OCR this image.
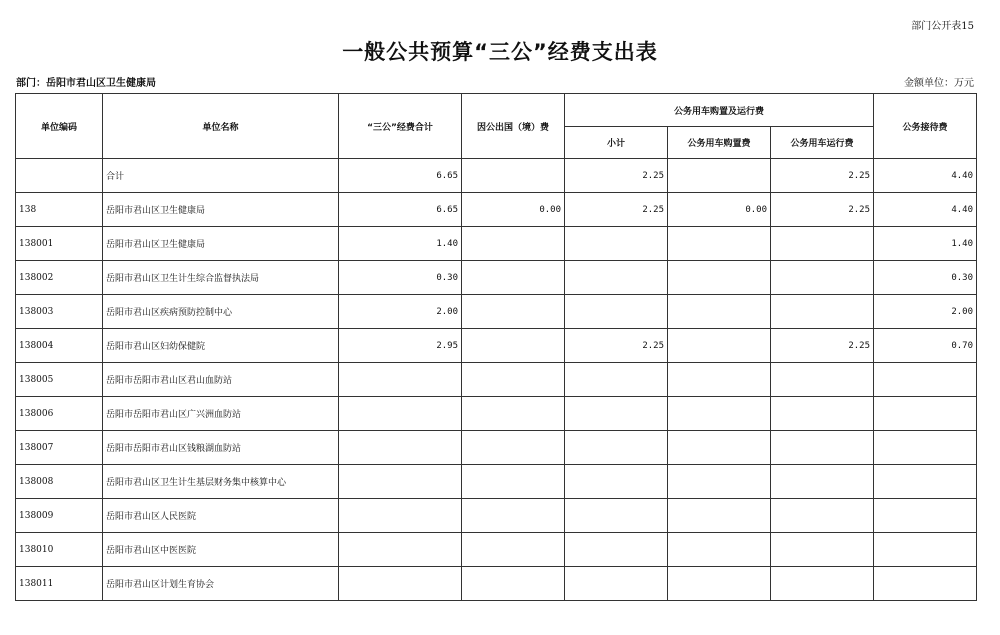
部门公开表15
一般公共预算“三公”经费支出表
部门：岳阳市君山区卫生健康局	金额单位：万元
单位编码	单位名称	“三公”经费合计	因公出国（境）费	公务用车购置及运行费			公务接待费
				小计	公务用车购置费	公务用车运行费	
	合计	6.65		2.25		2.25	4.40
138	岳阳市君山区卫生健康局	6.65	0.00	2.25	0.00	2.25	4.40
138001	岳阳市君山区卫生健康局	1.40					1.40
138002	岳阳市君山区卫生计生综合监督执法局	0.30					0.30
138003	岳阳市君山区疾病预防控制中心	2.00					2.00
138004	岳阳市君山区妇幼保健院	2.95		2.25		2.25	0.70
138005	岳阳市岳阳市君山区君山血防站						
138006	岳阳市岳阳市君山区广兴洲血防站						
138007	岳阳市岳阳市君山区钱粮湖血防站						
138008	岳阳市君山区卫生计生基层财务集中核算中心						
138009	岳阳市君山区人民医院						
138010	岳阳市君山区中医医院						
138011	岳阳市君山区计划生育协会						
